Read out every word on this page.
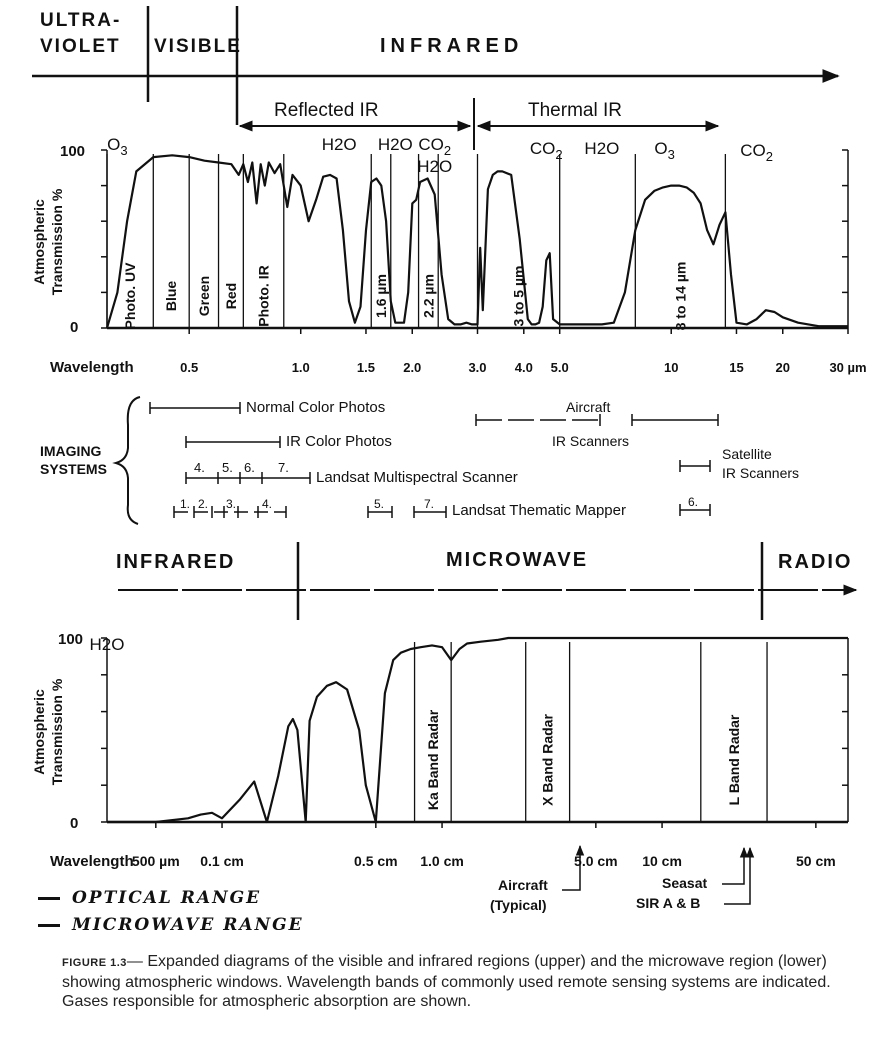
ULTRA-
VIOLET VISIBLE	INFRARED
Reflected IR	Thermal IR
Atmospheric Transmission %
100
0
Wavelength
Photo. UV Blue Green Red Photo. IR	1.6 µm 2.2 µm	3 to 5 µm	8 to 14 µm
$O_3$	H2O H2O $CO_2$
H2O
$CO_2$ H2O $O_3$	$CO_2$
0.5	1.0	1.5 2.0	3.0 4.0 5.0	10	15 20	30 µm
IMAGING
SYSTEMS
Normal Color Photos
IR Color Photos
4. 5. 6. 7.
Landsat Multispectral Scanner
1. 2. 3. 4.	5.	7. Landsat Thematic Mapper	6.
Aircraft
IR Scanners
Satellite
IR Scanners
INFRARED	MICROWAVE	RADIO
Atmospheric Transmission %
100
0
Wavelength
Ka Band Radar	X Band Radar	L Band Radar
H2O
500 µm 0.1 cm	0.5 cm 1.0 cm	5.0 cm 10 cm	50 cm
Aircraft
(Typical)
Seasat
SIR A & B
OPTICAL RANGE
MICROWAVE RANGE
FIGURE 1.3— Expanded diagrams of the visible and infrared regions (upper) and the microwave region (lower) showing atmospheric windows. Wavelength bands of commonly used remote sensing systems are indicated. Gases responsible for atmospheric absorption are shown.
